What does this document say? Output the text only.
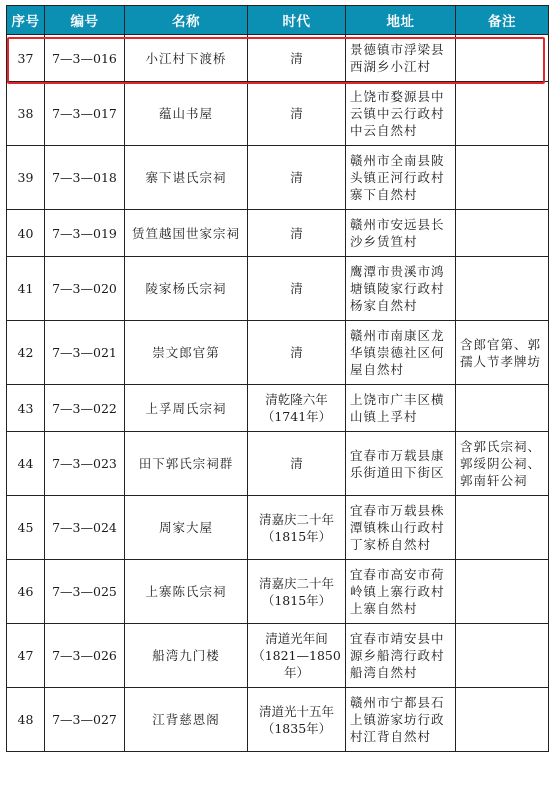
序号	编号	名称	时代	地址	备注
37	7—3—016	小江村下渡桥	清	景德镇市浮梁县西湖乡小江村	
38	7—3—017	蕴山书屋	清	上饶市婺源县中云镇中云行政村中云自然村	
39	7—3—018	寨下谌氏宗祠	清	赣州市全南县陂头镇正河行政村寨下自然村	
40	7—3—019	赁笪越国世家宗祠	清	赣州市安远县长沙乡赁笪村	
41	7—3—020	陵家杨氏宗祠	清	鹰潭市贵溪市鸿塘镇陵家行政村杨家自然村	
42	7—3—021	崇文郎官第	清	赣州市南康区龙华镇崇德社区何屋自然村	含郎官第、郭孺人节孝牌坊
43	7—3—022	上孚周氏宗祠	清乾隆六年（1741年）	上饶市广丰区横山镇上孚村	
44	7—3—023	田下郭氏宗祠群	清	宜春市万载县康乐街道田下街区	含郭氏宗祠、郭绥阴公祠、郭南轩公祠
45	7—3—024	周家大屋	清嘉庆二十年（1815年）	宜春市万载县株潭镇株山行政村丁家桥自然村	
46	7—3—025	上寨陈氏宗祠	清嘉庆二十年（1815年）	宜春市高安市荷岭镇上寨行政村上寨自然村	
47	7—3—026	船湾九门楼	清道光年间（1821—1850年）	宜春市靖安县中源乡船湾行政村船湾自然村	
48	7—3—027	江背慈恩阁	清道光十五年（1835年）	赣州市宁都县石上镇游家坊行政村江背自然村	
